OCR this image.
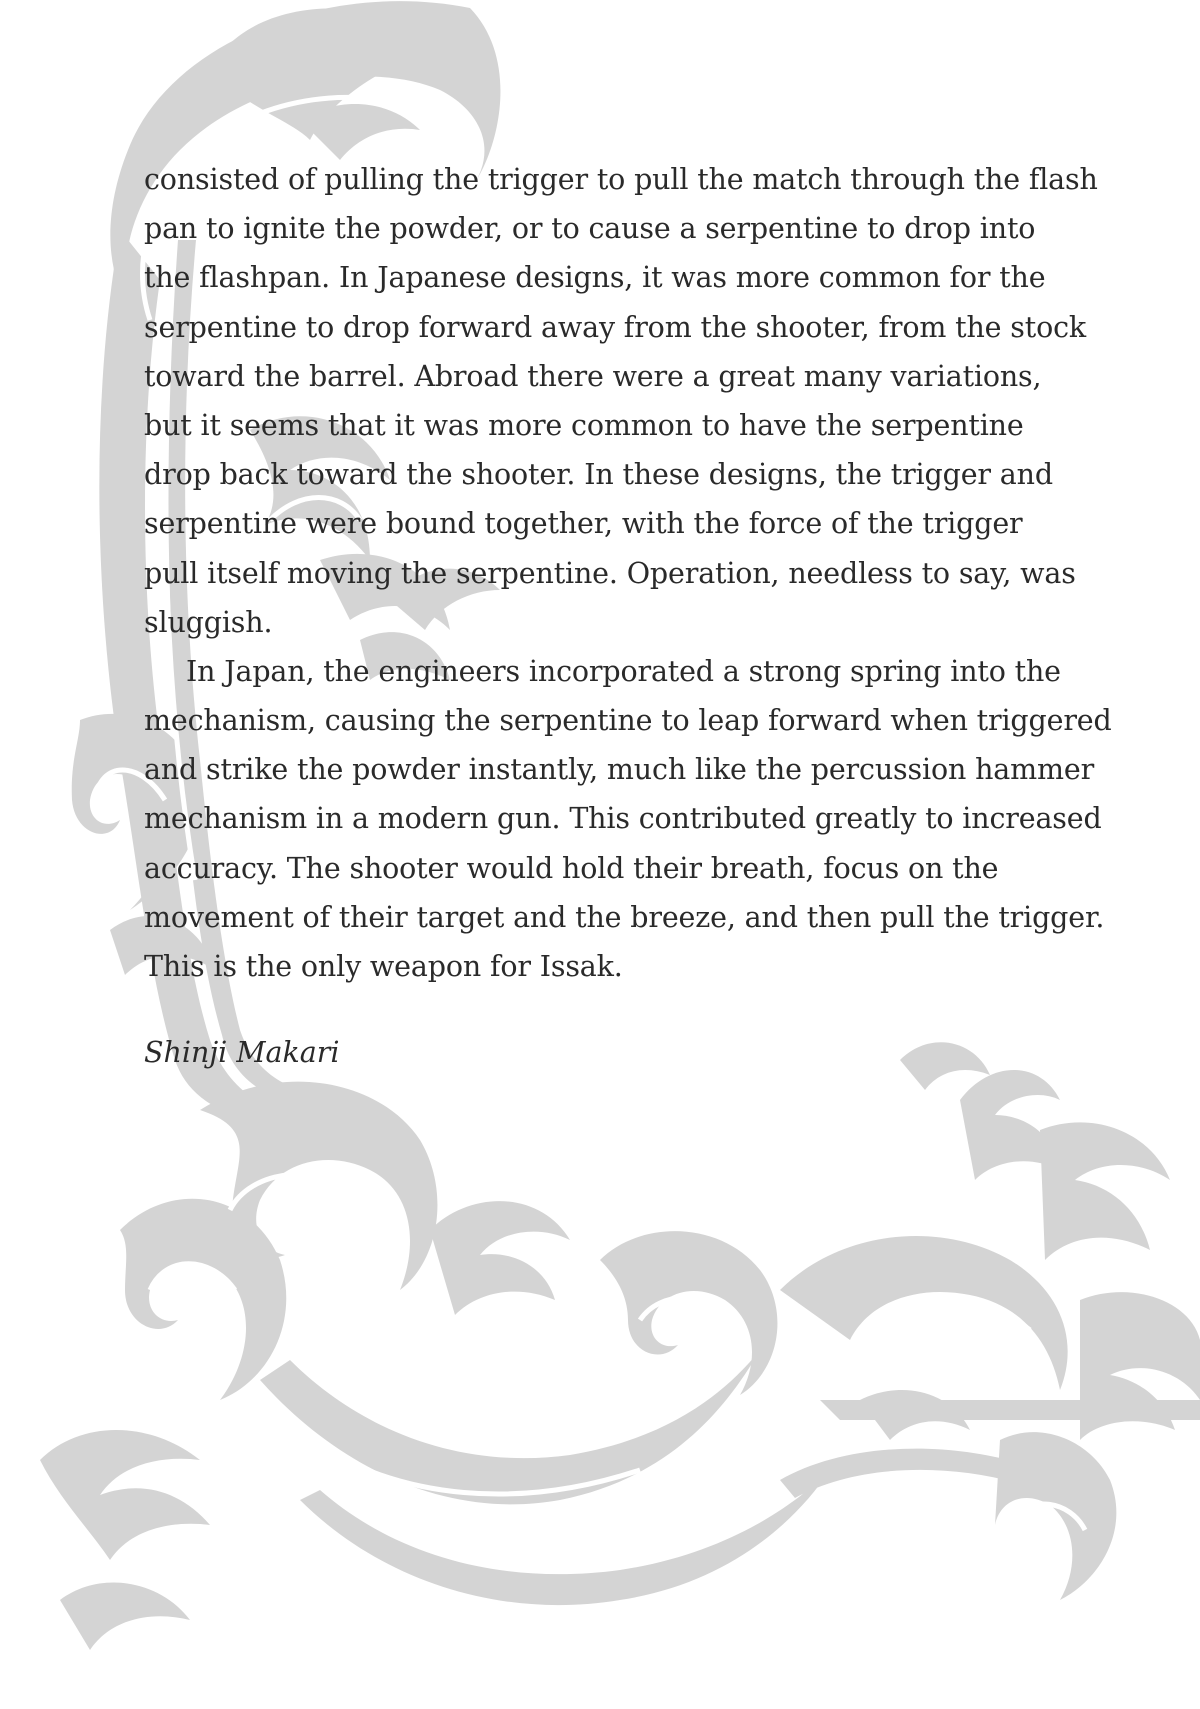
consisted of pulling the trigger to pull the match through the flash
pan to ignite the powder, or to cause a serpentine to drop into
the flashpan. In Japanese designs, it was more common for the
serpentine to drop forward away from the shooter, from the stock
toward the barrel. Abroad there were a great many variations,
but it seems that it was more common to have the serpentine
drop back toward the shooter. In these designs, the trigger and
serpentine were bound together, with the force of the trigger
pull itself moving the serpentine. Operation, needless to say, was
sluggish.
In Japan, the engineers incorporated a strong spring into the
mechanism, causing the serpentine to leap forward when triggered
and strike the powder instantly, much like the percussion hammer
mechanism in a modern gun. This contributed greatly to increased
accuracy. The shooter would hold their breath, focus on the
movement of their target and the breeze, and then pull the trigger.
This is the only weapon for Issak.
Shinji Makari
